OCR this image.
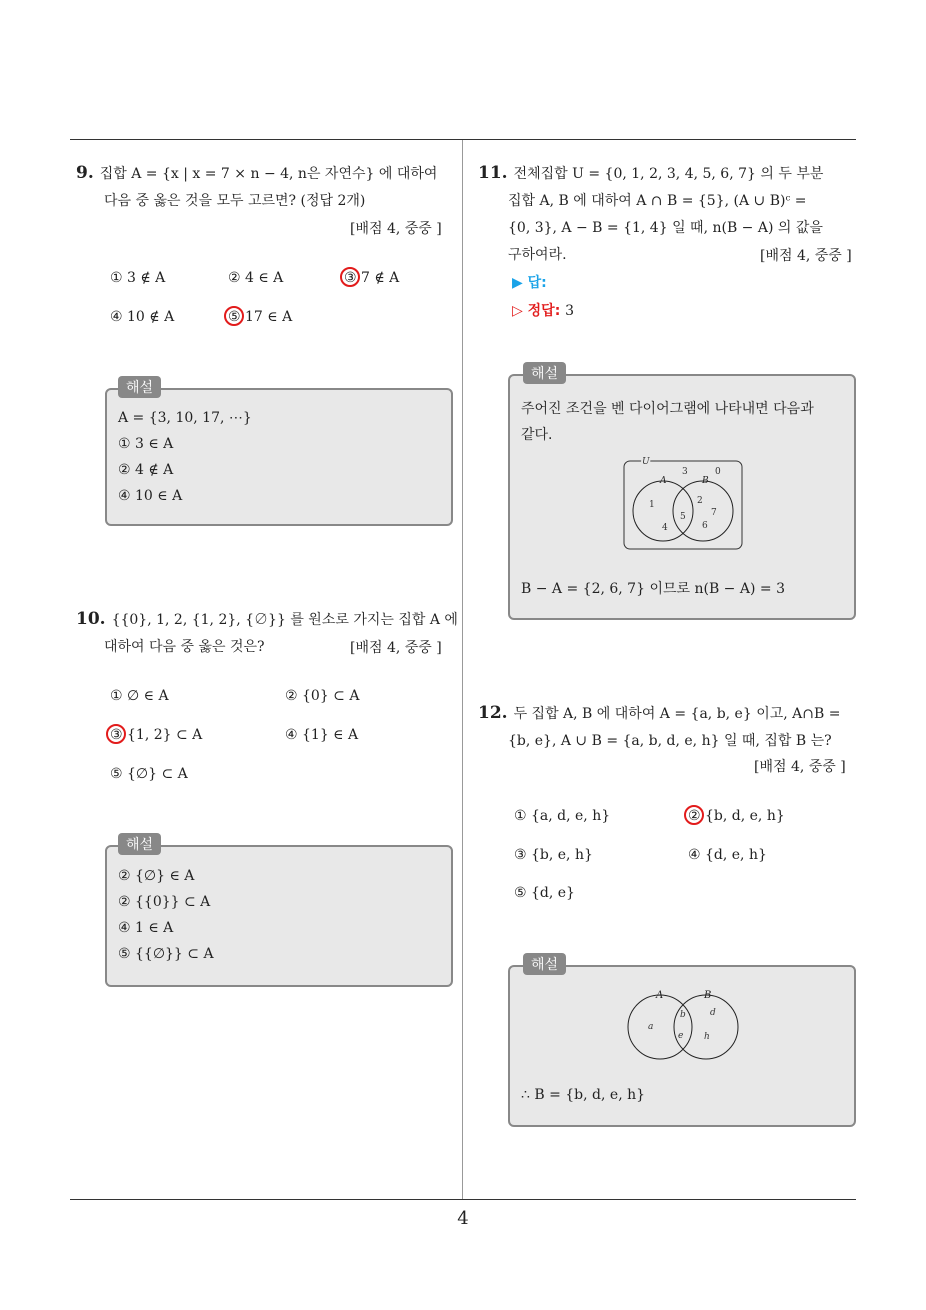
9. 집합 A = {x | x = 7 × n − 4, n은 자연수} 에 대하여
다음 중 옳은 것을 모두 고르면? (정답 2개)
[배점 4, 중중 ]
① 3 ∉ A	② 4 ∈ A	③ 7 ∉ A
④ 10 ∉ A	⑤ 17 ∈ A
해설
A = {3, 10, 17, ⋯}
① 3 ∈ A
② 4 ∉ A
④ 10 ∈ A
10. {{0}, 1, 2, {1, 2}, {∅}} 를 원소로 가지는 집합 A 에
대하여 다음 중 옳은 것은?	[배점 4, 중중 ]
① ∅ ∈ A	② {0} ⊂ A
③ {1, 2} ⊂ A	④ {1} ∈ A
⑤ {∅} ⊂ A
해설
② {∅} ∈ A
② {{0}} ⊂ A
④ 1 ∈ A
⑤ {{∅}} ⊂ A
11. 전체집합 U = {0, 1, 2, 3, 4, 5, 6, 7} 의 두 부분
집합 A, B 에 대하여 A ∩ B = {5}, (A ∪ B)ᶜ =
{0, 3}, A − B = {1, 4} 일 때, n(B − A) 의 값을
구하여라.	[배점 4, 중중 ]
▶ 답:
▷ 정답: 3
해설
주어진 조건을 벤 다이어그램에 나타내면 다음과
같다.
U
A	B
3	0
1
4
5
2
7
6
B − A = {2, 6, 7} 이므로 n(B − A) = 3
12. 두 집합 A, B 에 대하여 A = {a, b, e} 이고, A∩B =
{b, e}, A ∪ B = {a, b, d, e, h} 일 때, 집합 B 는?
[배점 4, 중중 ]
① {a, d, e, h}	② {b, d, e, h}
③ {b, e, h}	④ {d, e, h}
⑤ {d, e}
해설
A	B
a
b
e
d
h
∴ B = {b, d, e, h}
4
